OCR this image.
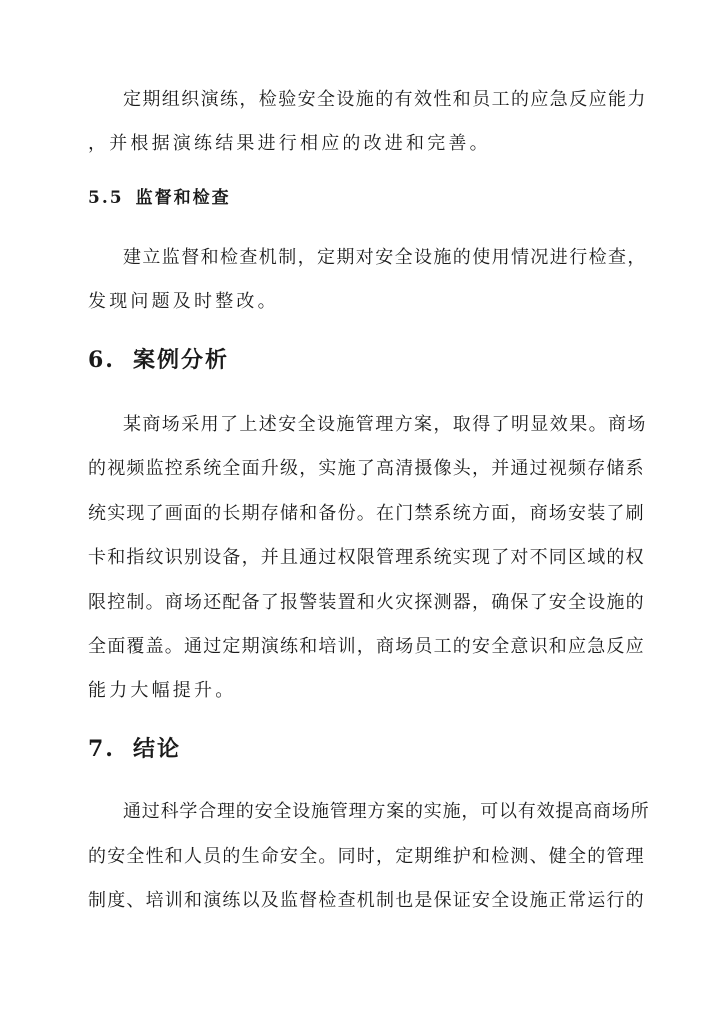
定期组织演练，检验安全设施的有效性和员工的应急反应能力
，并根据演练结果进行相应的改进和完善。
5.5 监督和检查
建立监督和检查机制，定期对安全设施的使用情况进行检查，
发现问题及时整改。
6. 案例分析
某商场采用了上述安全设施管理方案，取得了明显效果。商场
的视频监控系统全面升级，实施了高清摄像头，并通过视频存储系
统实现了画面的长期存储和备份。在门禁系统方面，商场安装了刷
卡和指纹识别设备，并且通过权限管理系统实现了对不同区域的权
限控制。商场还配备了报警装置和火灾探测器，确保了安全设施的
全面覆盖。通过定期演练和培训，商场员工的安全意识和应急反应
能力大幅提升。
7. 结论
通过科学合理的安全设施管理方案的实施，可以有效提高商场所
的安全性和人员的生命安全。同时，定期维护和检测、健全的管理
制度、培训和演练以及监督检查机制也是保证安全设施正常运行的
